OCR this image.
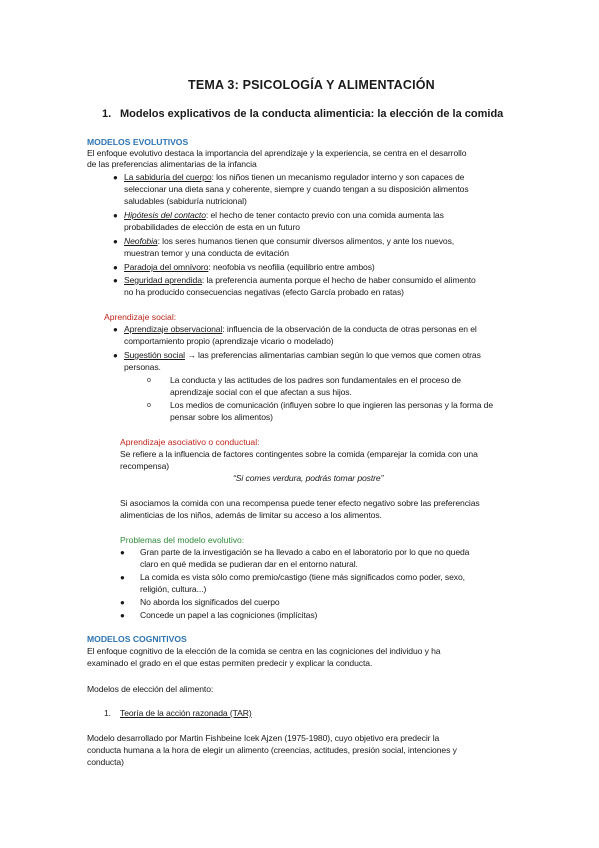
TEMA 3: PSICOLOGÍA Y ALIMENTACIÓN
1. Modelos explicativos de la conducta alimenticia: la elección de la comida
MODELOS EVOLUTIVOS
El enfoque evolutivo destaca la importancia del aprendizaje y la experiencia, se centra en el desarrollo
de las preferencias alimentarias de la infancia
● La sabiduría del cuerpo: los niños tienen un mecanismo regulador interno y son capaces de
seleccionar una dieta sana y coherente, siempre y cuando tengan a su disposición alimentos
saludables (sabiduría nutricional)
● Hipótesis del contacto: el hecho de tener contacto previo con una comida aumenta las
probabilidades de elección de esta en un futuro
● Neofobia: los seres humanos tienen que consumir diversos alimentos, y ante los nuevos,
muestran temor y una conducta de evitación
● Paradoja del omnívoro: neofobia vs neofilia (equilibrio entre ambos)
● Seguridad aprendida: la preferencia aumenta porque el hecho de haber consumido el alimento
no ha producido consecuencias negativas (efecto García probado en ratas)
Aprendizaje social:
● Aprendizaje observacional: influencia de la observación de la conducta de otras personas en el
comportamiento propio (aprendizaje vicario o modelado)
● Sugestión social → las preferencias alimentarias cambian según lo que vemos que comen otras
personas.
o La conducta y las actitudes de los padres son fundamentales en el proceso de
aprendizaje social con el que afectan a sus hijos.
o Los medios de comunicación (influyen sobre lo que ingieren las personas y la forma de
pensar sobre los alimentos)
Aprendizaje asociativo o conductual:
Se refiere a la influencia de factores contingentes sobre la comida (emparejar la comida con una
recompensa)
“Si comes verdura, podrás tomar postre”
Si asociamos la comida con una recompensa puede tener efecto negativo sobre las preferencias
alimenticias de los niños, además de limitar su acceso a los alimentos.
Problemas del modelo evolutivo:
● Gran parte de la investigación se ha llevado a cabo en el laboratorio por lo que no queda
claro en qué medida se pudieran dar en el entorno natural.
● La comida es vista sólo como premio/castigo (tiene más significados como poder, sexo,
religión, cultura...)
● No aborda los significados del cuerpo
● Concede un papel a las cogniciones (implícitas)
MODELOS COGNITIVOS
El enfoque cognitivo de la elección de la comida se centra en las cogniciones del individuo y ha
examinado el grado en el que estas permiten predecir y explicar la conducta.
Modelos de elección del alimento:
1. Teoría de la acción razonada (TAR)
Modelo desarrollado por Martin Fishbeine Icek Ajzen (1975-1980), cuyo objetivo era predecir la
conducta humana a la hora de elegir un alimento (creencias, actitudes, presión social, intenciones y
conducta)
